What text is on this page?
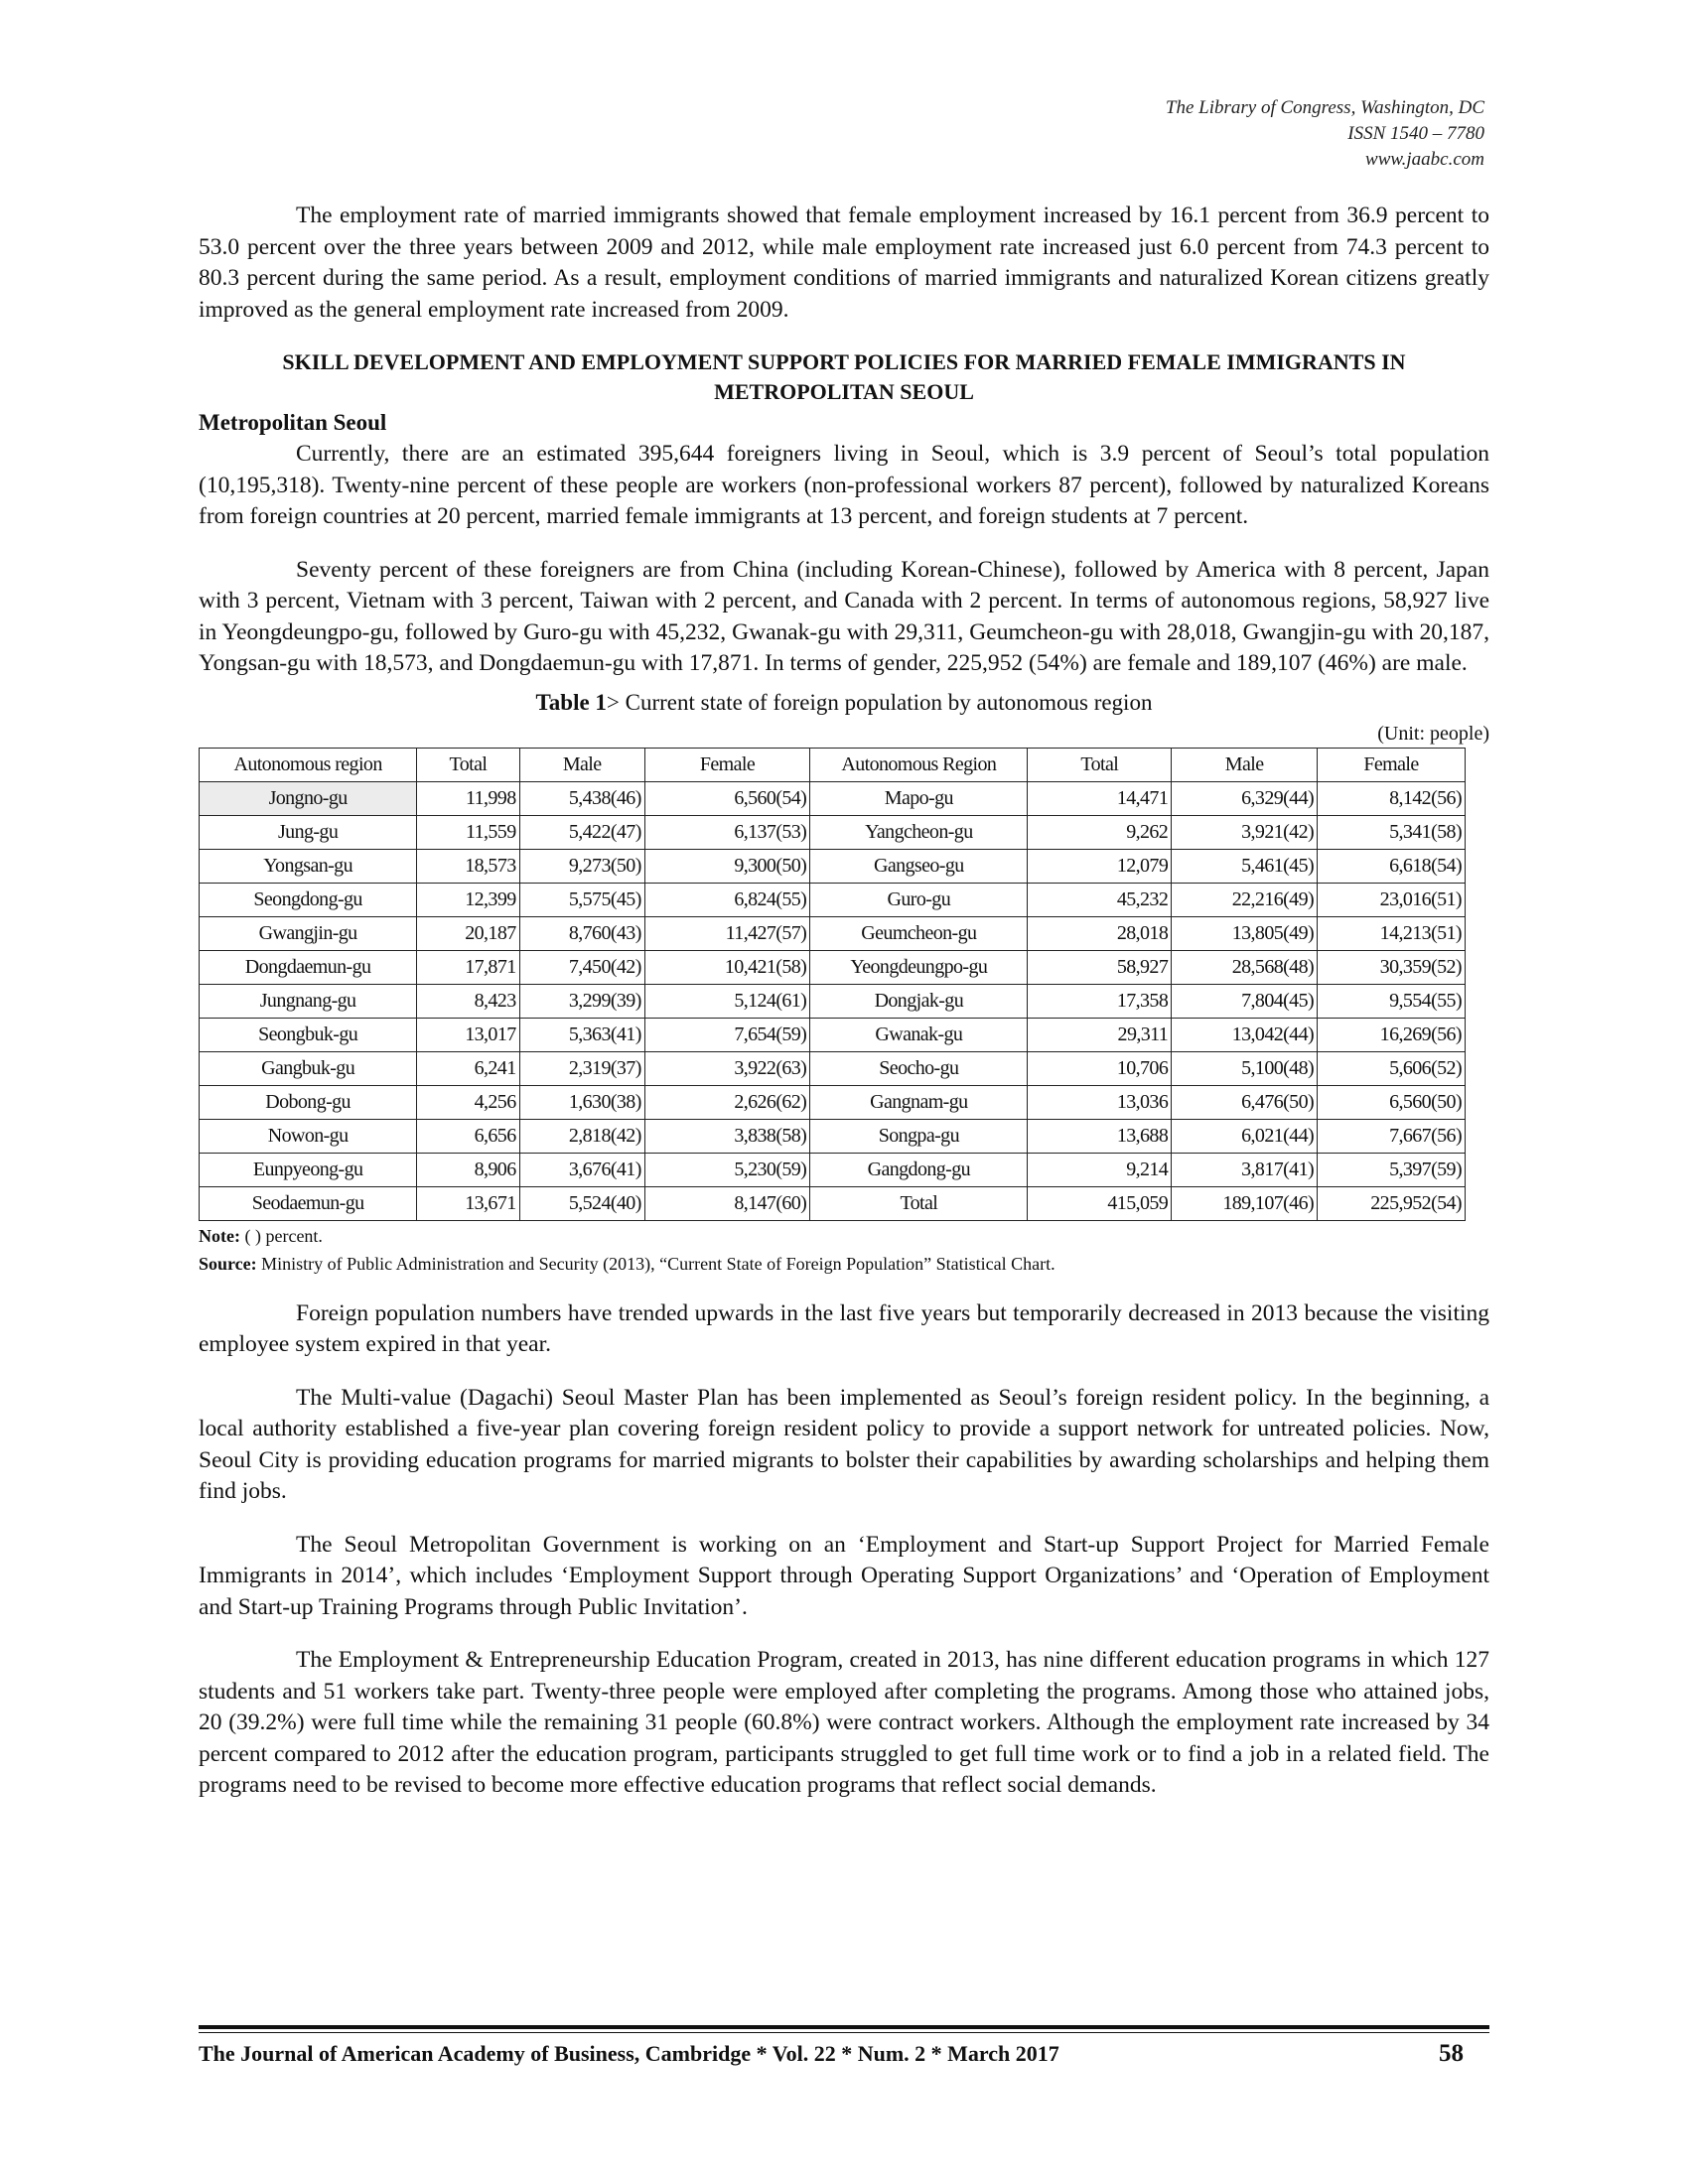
The Library of Congress, Washington, DC
ISSN 1540 – 7780
www.jaabc.com

The employment rate of married immigrants showed that female employment increased by 16.1 percent from 36.9 percent to 53.0 percent over the three years between 2009 and 2012, while male employment rate increased just 6.0 percent from 74.3 percent to 80.3 percent during the same period. As a result, employment conditions of married immigrants and naturalized Korean citizens greatly improved as the general employment rate increased from 2009.

SKILL DEVELOPMENT AND EMPLOYMENT SUPPORT POLICIES FOR MARRIED FEMALE IMMIGRANTS IN METROPOLITAN SEOUL
Metropolitan Seoul

Currently, there are an estimated 395,644 foreigners living in Seoul, which is 3.9 percent of Seoul’s total population (10,195,318). Twenty-nine percent of these people are workers (non-professional workers 87 percent), followed by naturalized Koreans from foreign countries at 20 percent, married female immigrants at 13 percent, and foreign students at 7 percent.

Seventy percent of these foreigners are from China (including Korean-Chinese), followed by America with 8 percent, Japan with 3 percent, Vietnam with 3 percent, Taiwan with 2 percent, and Canada with 2 percent. In terms of autonomous regions, 58,927 live in Yeongdeungpo-gu, followed by Guro-gu with 45,232, Gwanak-gu with 29,311, Geumcheon-gu with 28,018, Gwangjin-gu with 20,187, Yongsan-gu with 18,573, and Dongdaemun-gu with 17,871. In terms of gender, 225,952 (54%) are female and 189,107 (46%) are male.

Table 1> Current state of foreign population by autonomous region
(Unit: people)
Autonomous region	Total	Male	Female	Autonomous Region	Total	Male	Female
Jongno-gu	11,998	5,438(46)	6,560(54)	Mapo-gu	14,471	6,329(44)	8,142(56)
Jung-gu	11,559	5,422(47)	6,137(53)	Yangcheon-gu	9,262	3,921(42)	5,341(58)
Yongsan-gu	18,573	9,273(50)	9,300(50)	Gangseo-gu	12,079	5,461(45)	6,618(54)
Seongdong-gu	12,399	5,575(45)	6,824(55)	Guro-gu	45,232	22,216(49)	23,016(51)
Gwangjin-gu	20,187	8,760(43)	11,427(57)	Geumcheon-gu	28,018	13,805(49)	14,213(51)
Dongdaemun-gu	17,871	7,450(42)	10,421(58)	Yeongdeungpo-gu	58,927	28,568(48)	30,359(52)
Jungnang-gu	8,423	3,299(39)	5,124(61)	Dongjak-gu	17,358	7,804(45)	9,554(55)
Seongbuk-gu	13,017	5,363(41)	7,654(59)	Gwanak-gu	29,311	13,042(44)	16,269(56)
Gangbuk-gu	6,241	2,319(37)	3,922(63)	Seocho-gu	10,706	5,100(48)	5,606(52)
Dobong-gu	4,256	1,630(38)	2,626(62)	Gangnam-gu	13,036	6,476(50)	6,560(50)
Nowon-gu	6,656	2,818(42)	3,838(58)	Songpa-gu	13,688	6,021(44)	7,667(56)
Eunpyeong-gu	8,906	3,676(41)	5,230(59)	Gangdong-gu	9,214	3,817(41)	5,397(59)
Seodaemun-gu	13,671	5,524(40)	8,147(60)	Total	415,059	189,107(46)	225,952(54)
Note: ( ) percent.
Source: Ministry of Public Administration and Security (2013), “Current State of Foreign Population” Statistical Chart.

Foreign population numbers have trended upwards in the last five years but temporarily decreased in 2013 because the visiting employee system expired in that year.

The Multi-value (Dagachi) Seoul Master Plan has been implemented as Seoul’s foreign resident policy. In the beginning, a local authority established a five-year plan covering foreign resident policy to provide a support network for untreated policies. Now, Seoul City is providing education programs for married migrants to bolster their capabilities by awarding scholarships and helping them find jobs.

The Seoul Metropolitan Government is working on an ‘Employment and Start-up Support Project for Married Female Immigrants in 2014’, which includes ‘Employment Support through Operating Support Organizations’ and ‘Operation of Employment and Start-up Training Programs through Public Invitation’.

The Employment & Entrepreneurship Education Program, created in 2013, has nine different education programs in which 127 students and 51 workers take part. Twenty-three people were employed after completing the programs. Among those who attained jobs, 20 (39.2%) were full time while the remaining 31 people (60.8%) were contract workers. Although the employment rate increased by 34 percent compared to 2012 after the education program, participants struggled to get full time work or to find a job in a related field. The programs need to be revised to become more effective education programs that reflect social demands.

The Journal of American Academy of Business, Cambridge * Vol. 22 * Num. 2 * March 2017	58
